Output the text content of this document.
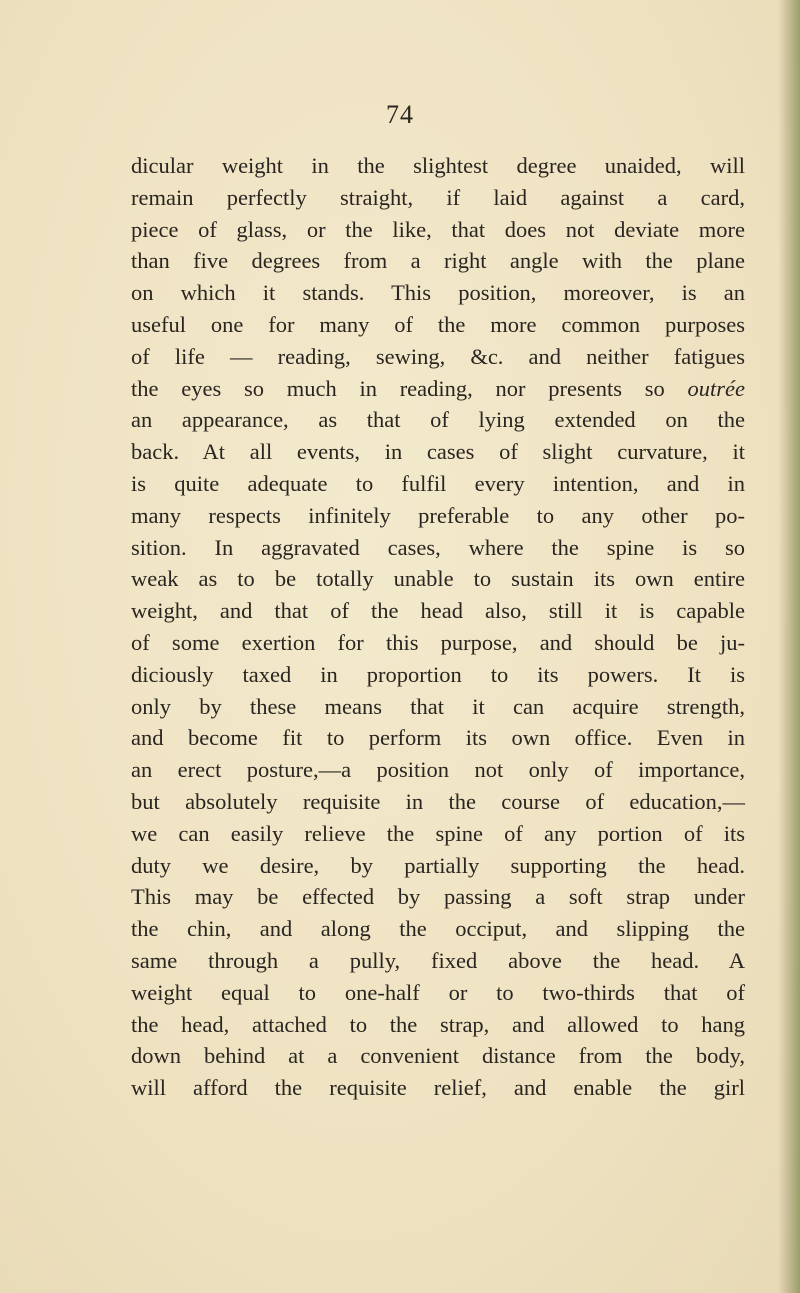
74
dicular weight in the slightest degree unaided, will
remain perfectly straight, if laid against a card,
piece of glass, or the like, that does not deviate more
than five degrees from a right angle with the plane
on which it stands. This position, moreover, is an
useful one for many of the more common purposes
of life — reading, sewing, &c. and neither fatigues
the eyes so much in reading, nor presents so outrée
an appearance, as that of lying extended on the
back. At all events, in cases of slight curvature, it
is quite adequate to fulfil every intention, and in
many respects infinitely preferable to any other po-
sition. In aggravated cases, where the spine is so
weak as to be totally unable to sustain its own entire
weight, and that of the head also, still it is capable
of some exertion for this purpose, and should be ju-
diciously taxed in proportion to its powers. It is
only by these means that it can acquire strength,
and become fit to perform its own office. Even in
an erect posture,—a position not only of importance,
but absolutely requisite in the course of education,—
we can easily relieve the spine of any portion of its
duty we desire, by partially supporting the head.
This may be effected by passing a soft strap under
the chin, and along the occiput, and slipping the
same through a pully, fixed above the head. A
weight equal to one-half or to two-thirds that of
the head, attached to the strap, and allowed to hang
down behind at a convenient distance from the body,
will afford the requisite relief, and enable the girl
